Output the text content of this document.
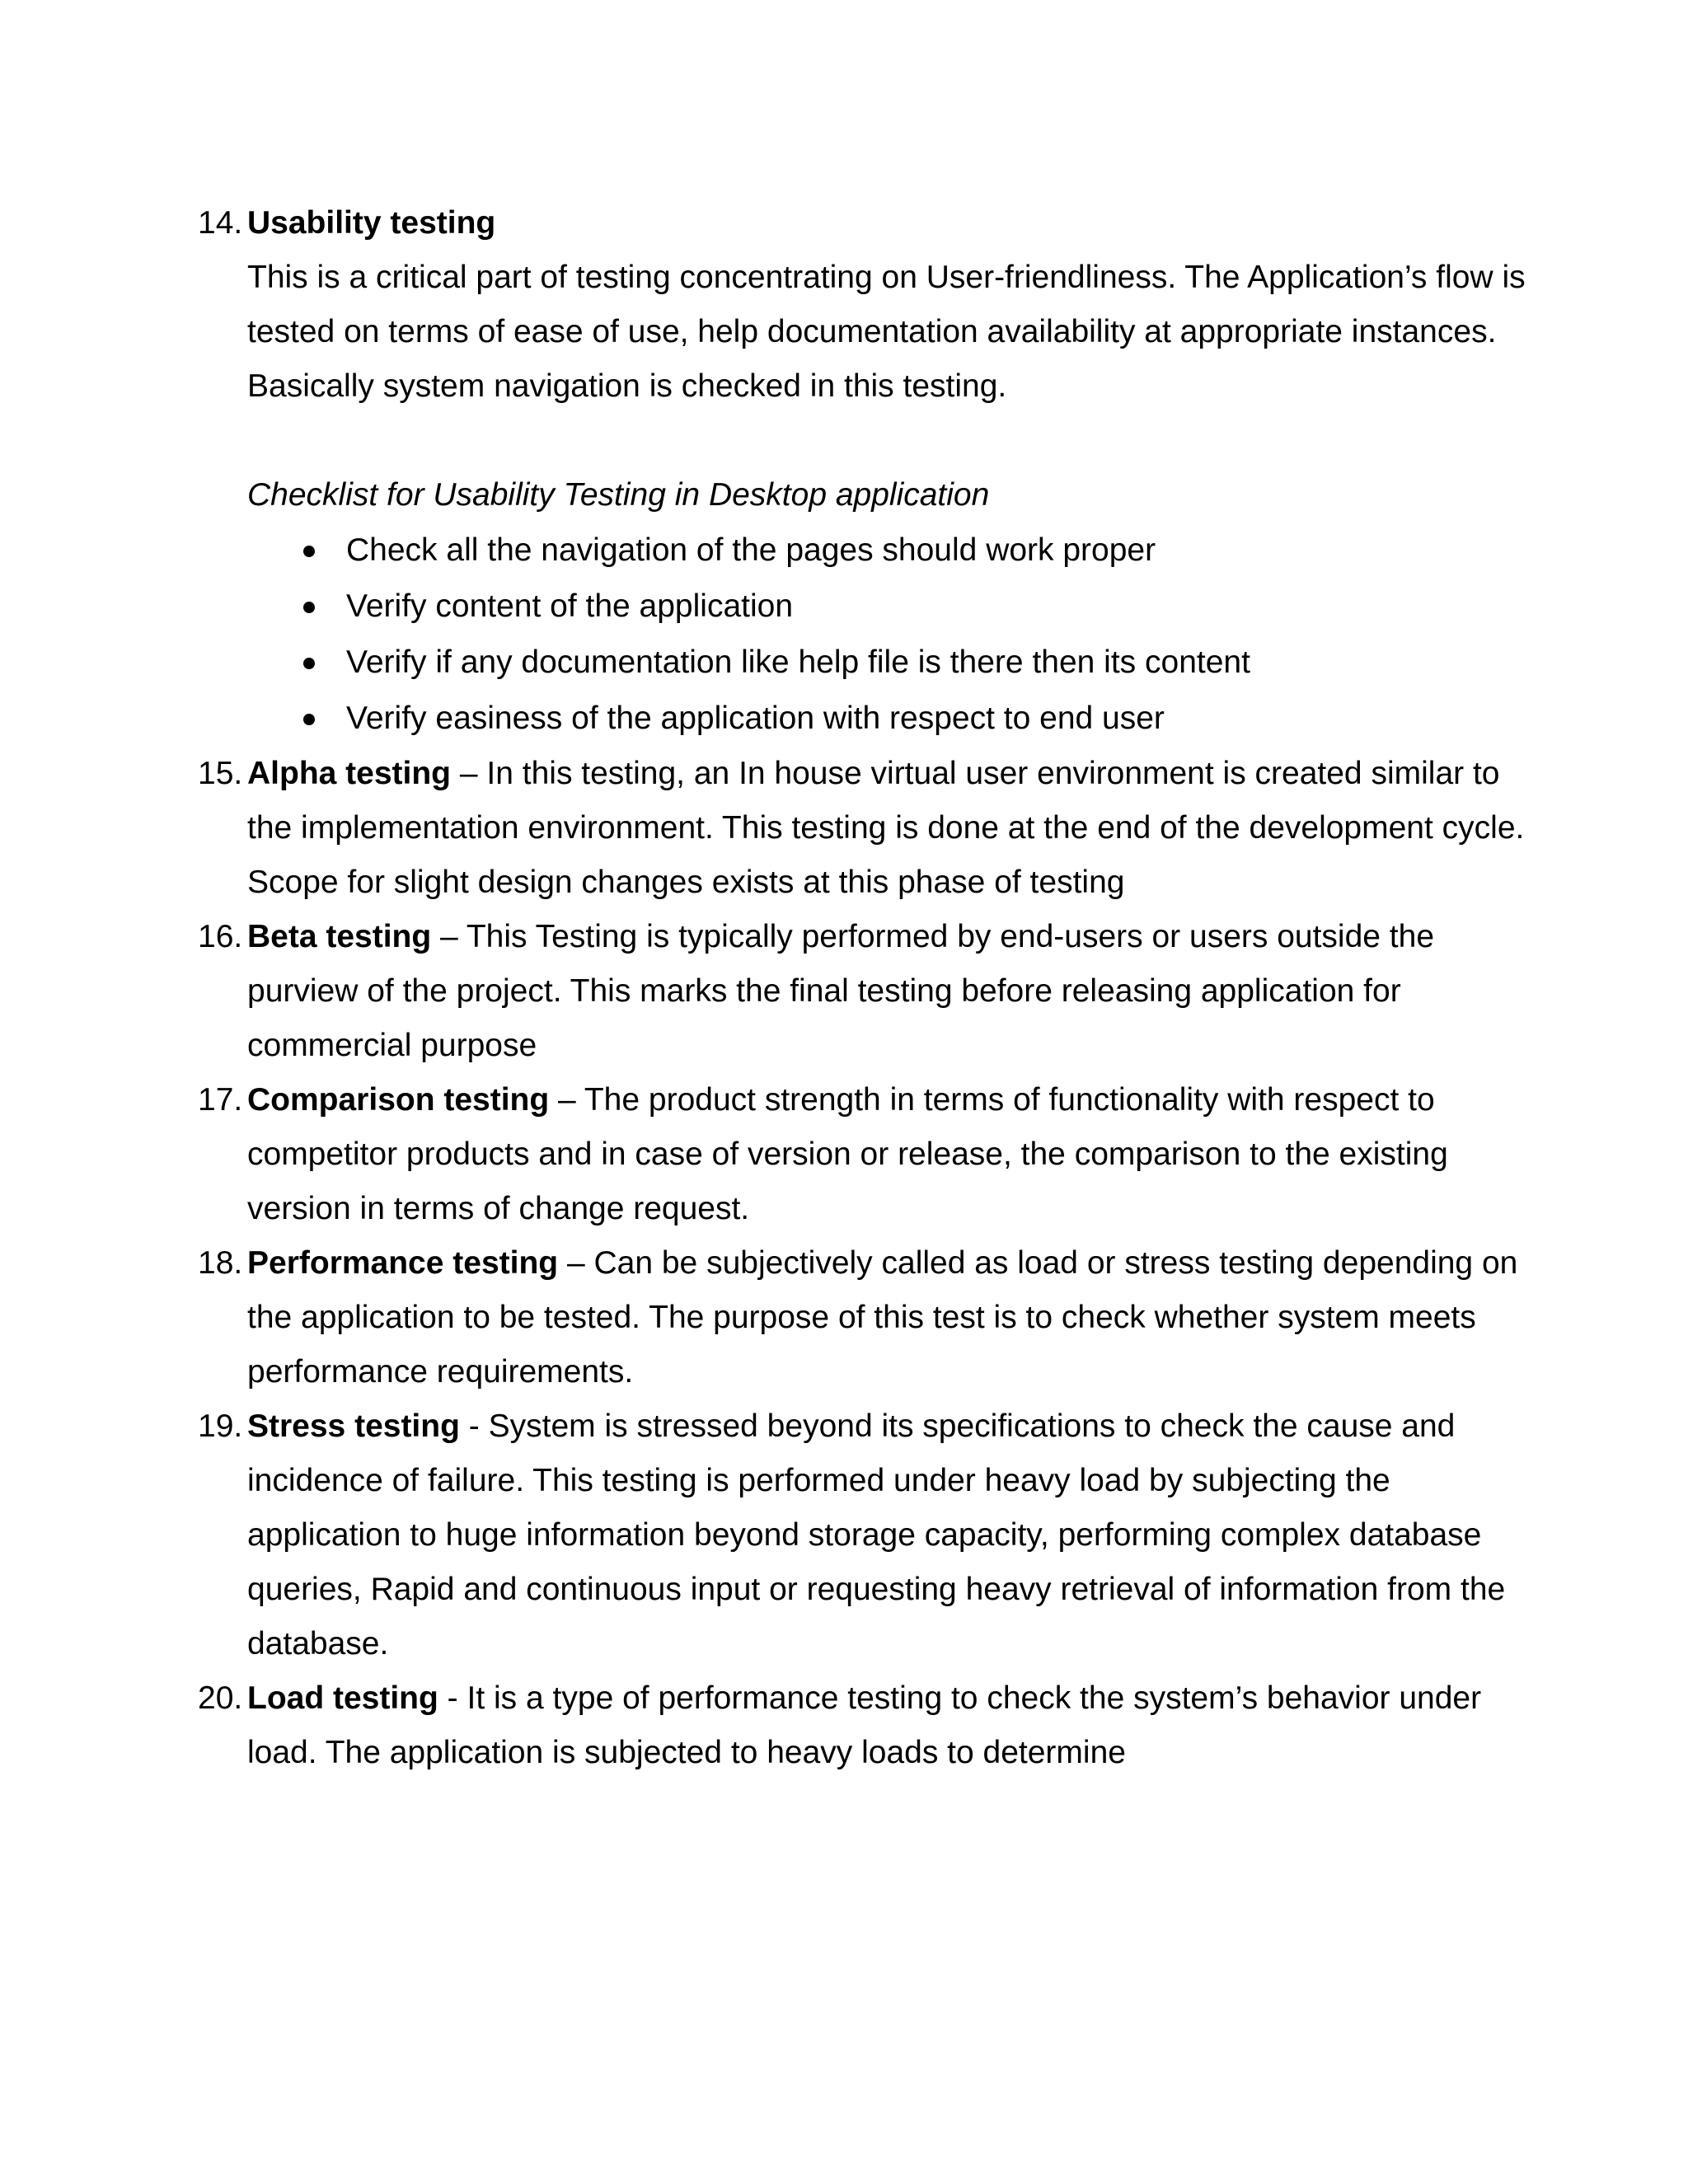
14. Usability testing

This is a critical part of testing concentrating on User-friendliness. The Application’s flow is tested on terms of ease of use, help documentation availability at appropriate instances. Basically system navigation is checked in this testing.

Checklist for Usability Testing in Desktop application
Check all the navigation of the pages should work proper
Verify content of the application
Verify if any documentation like help file is there then its content
Verify easiness of the application with respect to end user
15. Alpha testing – In this testing, an In house virtual user environment is created similar to the implementation environment. This testing is done at the end of the development cycle. Scope for slight design changes exists at this phase of testing

16. Beta testing – This Testing is typically performed by end-users or users outside the purview of the project. This marks the final testing before releasing application for commercial purpose

17. Comparison testing – The product strength in terms of functionality with respect to competitor products and in case of version or release, the comparison to the existing version in terms of change request.

18. Performance testing – Can be subjectively called as load or stress testing depending on the application to be tested. The purpose of this test is to check whether system meets performance requirements.

19. Stress testing - System is stressed beyond its specifications to check the cause and incidence of failure. This testing is performed under heavy load by subjecting the application to huge information beyond storage capacity, performing complex database queries, Rapid and continuous input or requesting heavy retrieval of information from the database.

20. Load testing - It is a type of performance testing to check the system’s behavior under load. The application is subjected to heavy loads to determine
